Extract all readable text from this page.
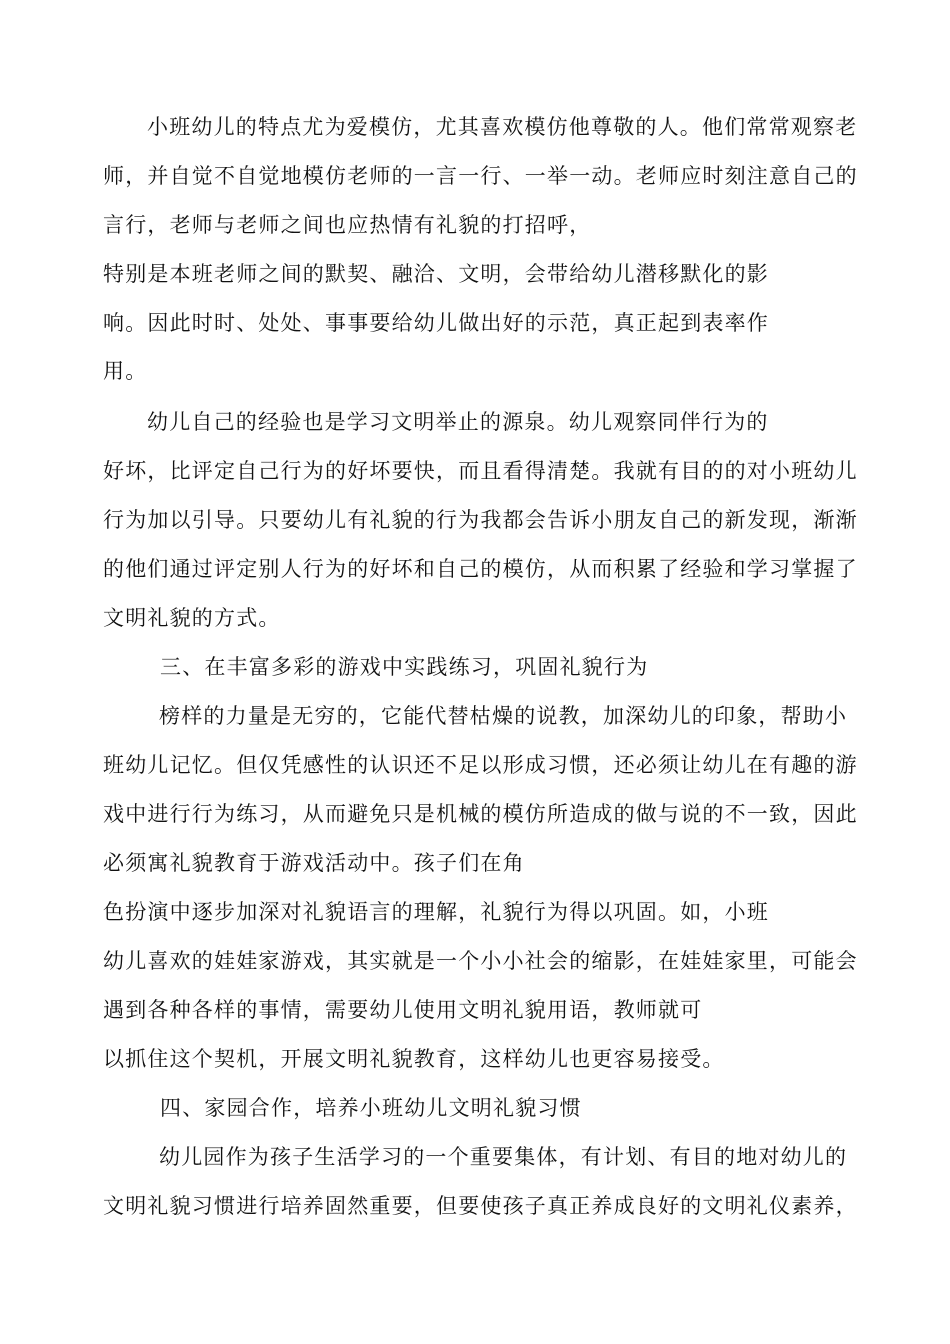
小班幼儿的特点尤为爱模仿，尤其喜欢模仿他尊敬的人。他们常常观察老
师，并自觉不自觉地模仿老师的一言一行、一举一动。老师应时刻注意自己的
言行，老师与老师之间也应热情有礼貌的打招呼，
特别是本班老师之间的默契、融洽、文明，会带给幼儿潜移默化的影
响。因此时时、处处、事事要给幼儿做出好的示范，真正起到表率作
用。
幼儿自己的经验也是学习文明举止的源泉。幼儿观察同伴行为的
好坏，比评定自己行为的好坏要快，而且看得清楚。我就有目的的对小班幼儿
行为加以引导。只要幼儿有礼貌的行为我都会告诉小朋友自己的新发现，渐渐
的他们通过评定别人行为的好坏和自己的模仿，从而积累了经验和学习掌握了
文明礼貌的方式。
三、在丰富多彩的游戏中实践练习，巩固礼貌行为
榜样的力量是无穷的，它能代替枯燥的说教，加深幼儿的印象，帮助小
班幼儿记忆。但仅凭感性的认识还不足以形成习惯，还必须让幼儿在有趣的游
戏中进行行为练习，从而避免只是机械的模仿所造成的做与说的不一致，因此
必须寓礼貌教育于游戏活动中。孩子们在角
色扮演中逐步加深对礼貌语言的理解，礼貌行为得以巩固。如，小班
幼儿喜欢的娃娃家游戏，其实就是一个小小社会的缩影，在娃娃家里，可能会
遇到各种各样的事情，需要幼儿使用文明礼貌用语，教师就可
以抓住这个契机，开展文明礼貌教育，这样幼儿也更容易接受。
四、家园合作，培养小班幼儿文明礼貌习惯
幼儿园作为孩子生活学习的一个重要集体，有计划、有目的地对幼儿的
文明礼貌习惯进行培养固然重要，但要使孩子真正养成良好的文明礼仪素养，
